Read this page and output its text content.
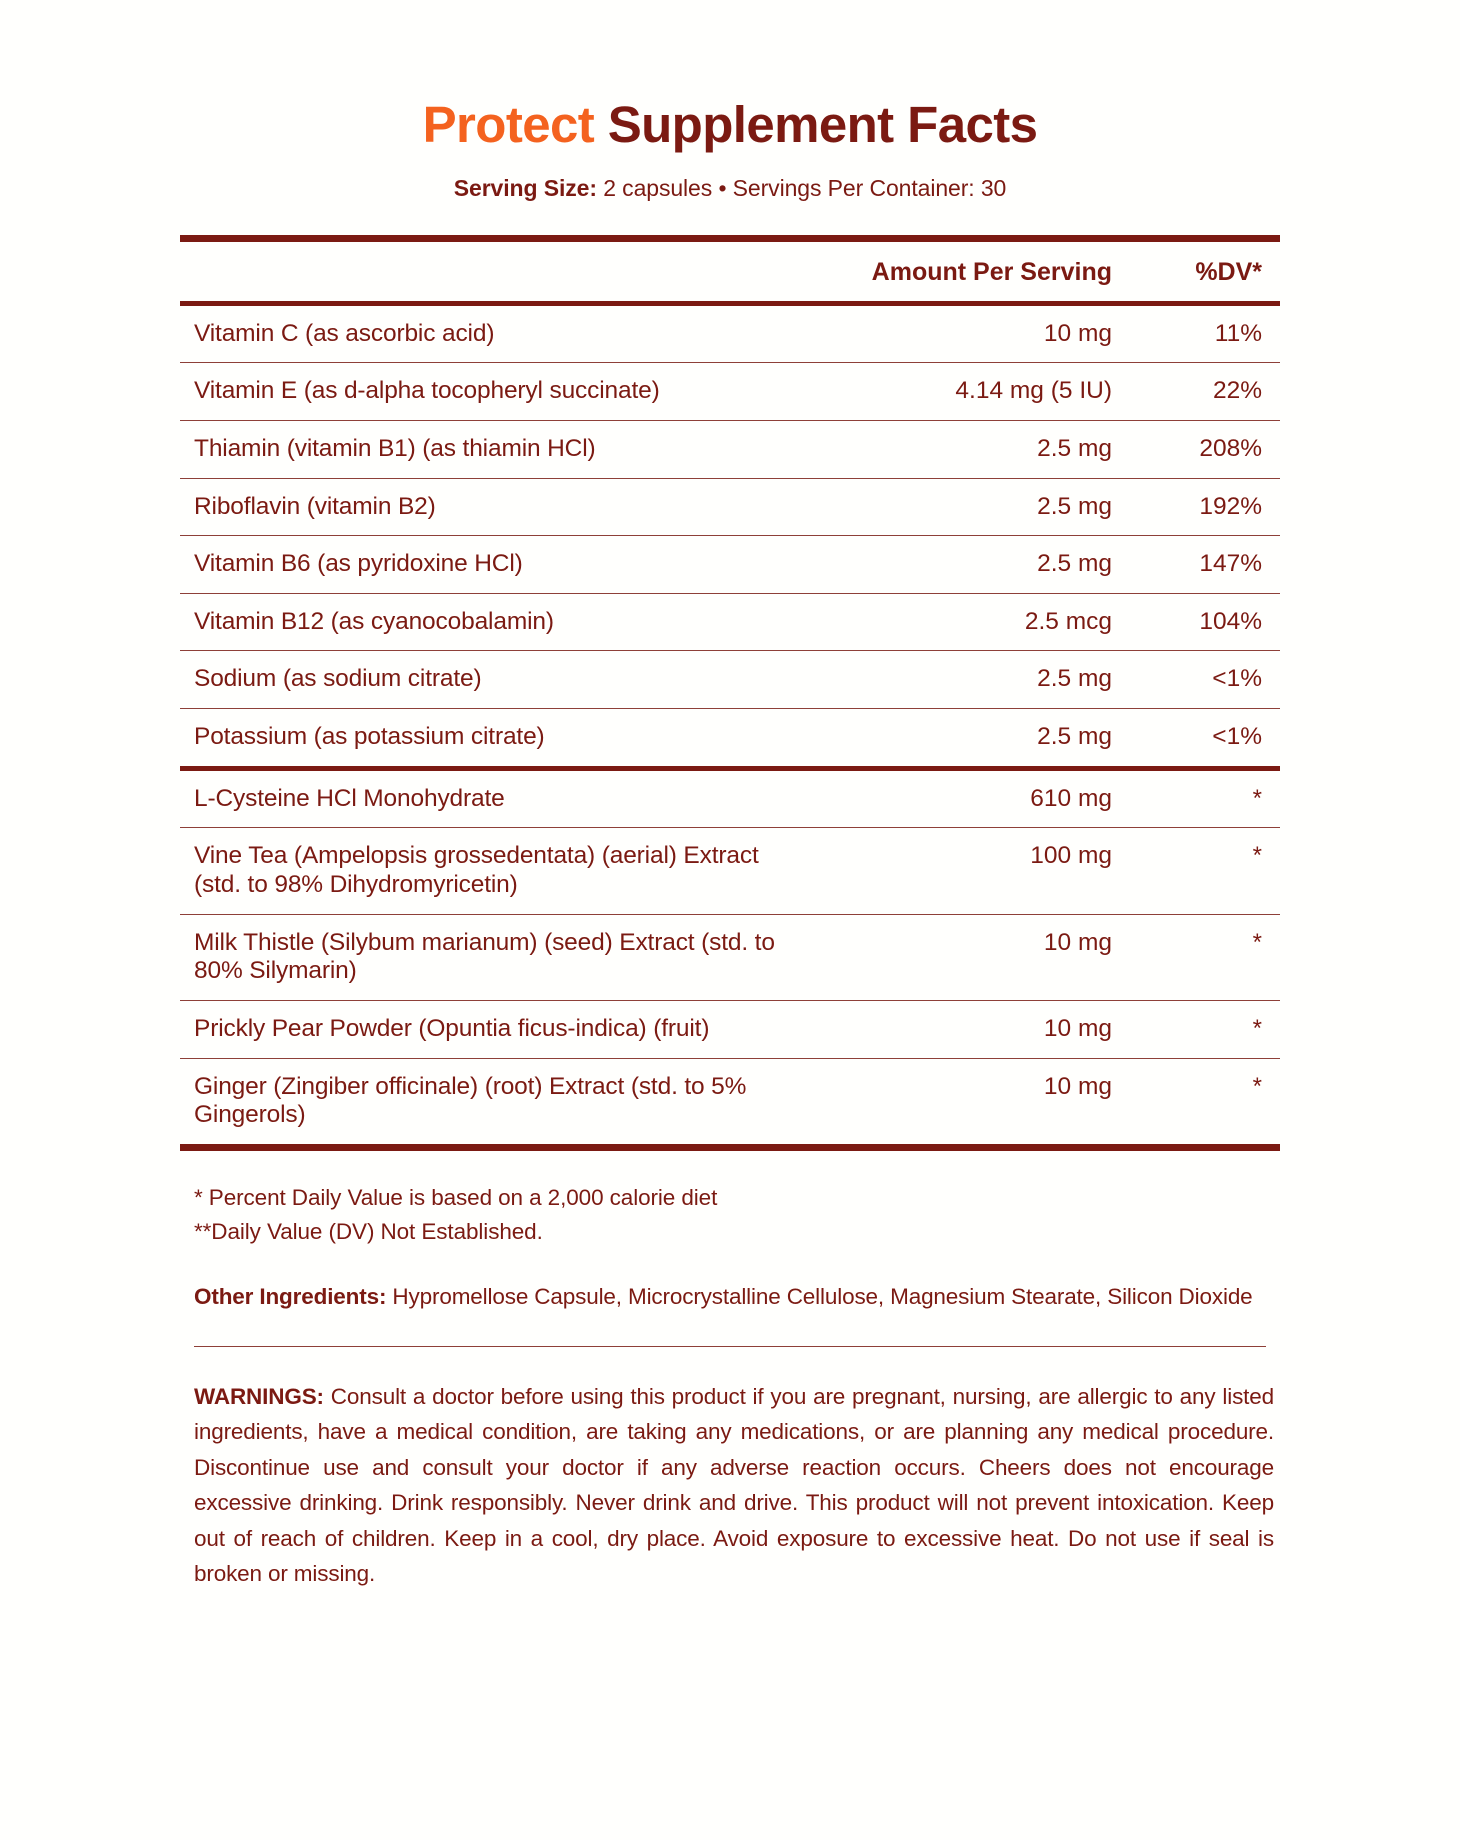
Protect Supplement Facts
Serving Size: 2 capsules • Servings Per Container: 30
	Amount Per Serving	%DV*
Vitamin C (as ascorbic acid)	10 mg	11%
Vitamin E (as d-alpha tocopheryl succinate)	4.14 mg (5 IU)	22%
Thiamin (vitamin B1) (as thiamin HCl)	2.5 mg	208%
Riboflavin (vitamin B2)	2.5 mg	192%
Vitamin B6 (as pyridoxine HCl)	2.5 mg	147%
Vitamin B12 (as cyanocobalamin)	2.5 mcg	104%
Sodium (as sodium citrate)	2.5 mg	<1%
Potassium (as potassium citrate)	2.5 mg	<1%
L-Cysteine HCl Monohydrate	610 mg	*
Vine Tea (Ampelopsis grossedentata) (aerial) Extract (std. to 98% Dihydromyricetin)	100 mg	*
Milk Thistle (Silybum marianum) (seed) Extract (std. to 80% Silymarin)	10 mg	*
Prickly Pear Powder (Opuntia ficus-indica) (fruit)	10 mg	*
Ginger (Zingiber officinale) (root) Extract (std. to 5% Gingerols)	10 mg	*
* Percent Daily Value is based on a 2,000 calorie diet
**Daily Value (DV) Not Established.
Other Ingredients: Hypromellose Capsule, Microcrystalline Cellulose, Magnesium Stearate, Silicon Dioxide
WARNINGS: Consult a doctor before using this product if you are pregnant, nursing, are allergic to any listed ingredients, have a medical condition, are taking any medications, or are planning any medical procedure. Discontinue use and consult your doctor if any adverse reaction occurs. Cheers does not encourage excessive drinking. Drink responsibly. Never drink and drive. This product will not prevent intoxication. Keep out of reach of children. Keep in a cool, dry place. Avoid exposure to excessive heat. Do not use if seal is broken or missing.
